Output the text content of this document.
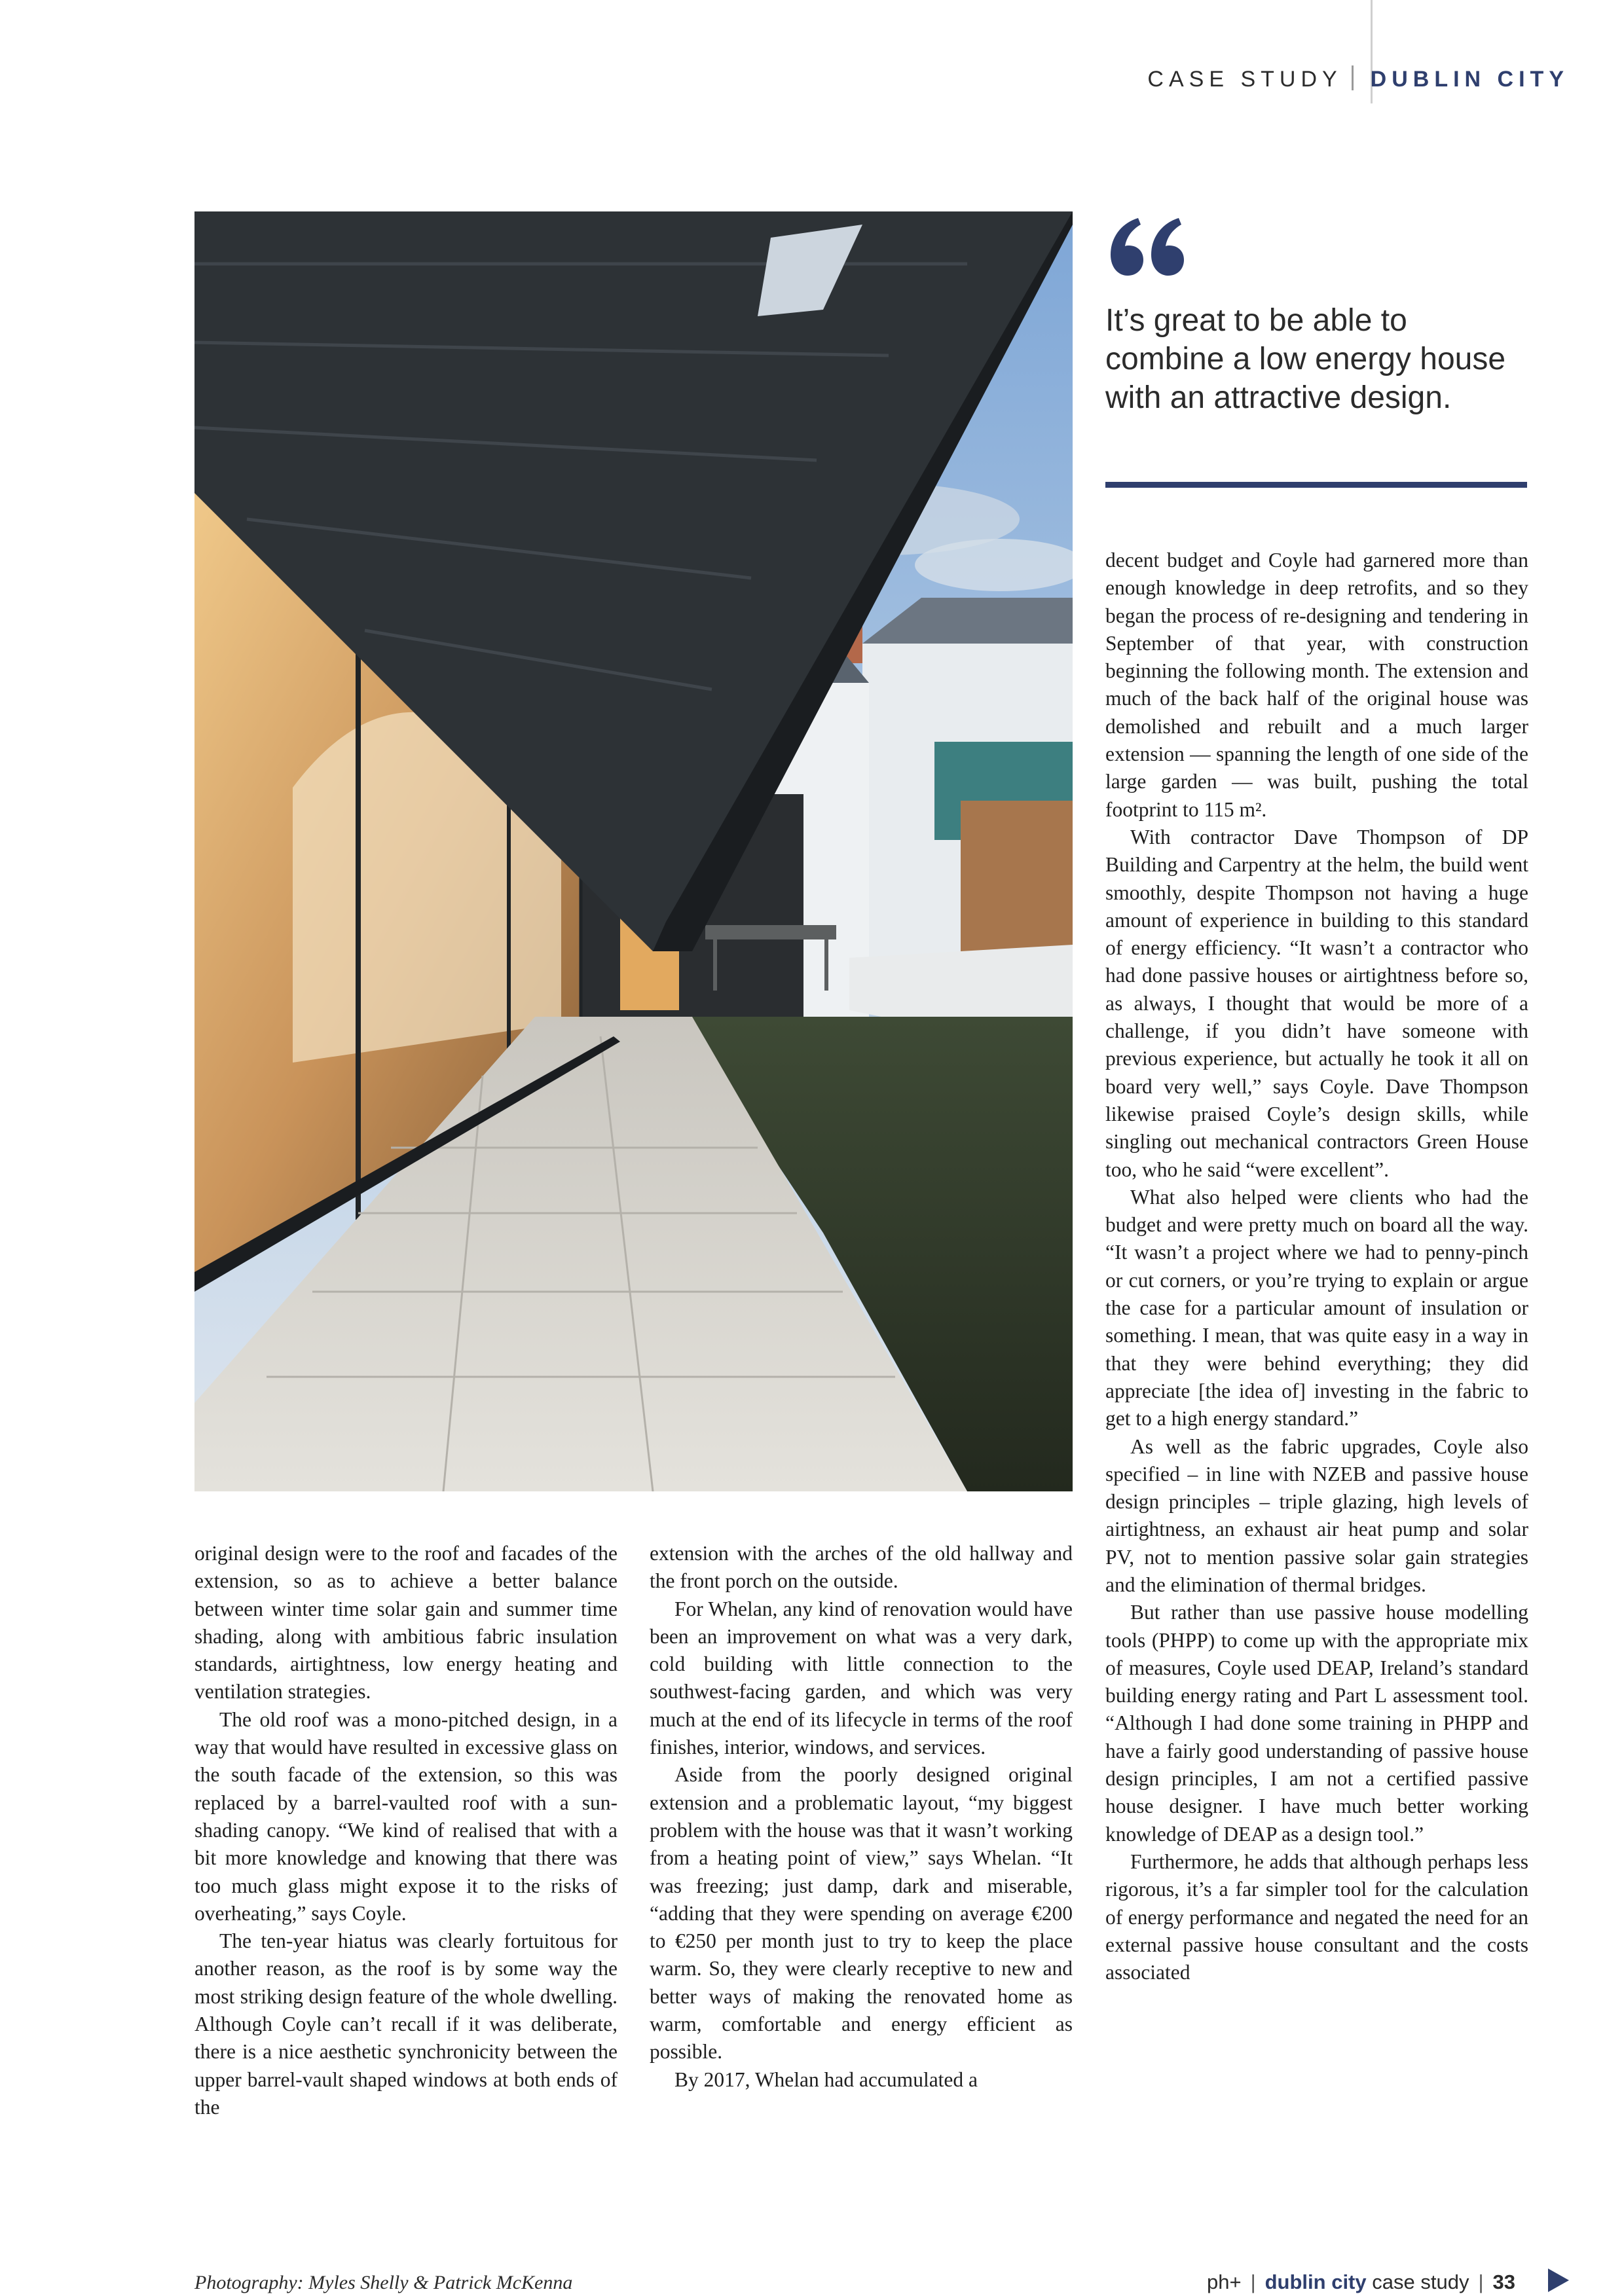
CASE STUDY DUBLIN CITY

It’s great to be able to combine a low energy house with an attractive design.

original design were to the roof and facades of the extension, so as to achieve a better balance between winter time solar gain and summer time shading, along with ambitious fabric insulation standards, airtightness, low energy heating and ventilation strategies.

The old roof was a mono-pitched design, in a way that would have resulted in excessive glass on the south facade of the extension, so this was replaced by a barrel-vaulted roof with a sun-shading canopy. “We kind of realised that with a bit more knowledge and knowing that there was too much glass might expose it to the risks of overheating,” says Coyle.

The ten-year hiatus was clearly fortuitous for another reason, as the roof is by some way the most striking design feature of the whole dwelling. Although Coyle can’t recall if it was deliberate, there is a nice aesthetic synchronicity between the upper barrel-vault shaped windows at both ends of the

extension with the arches of the old hallway and the front porch on the outside.

For Whelan, any kind of renovation would have been an improvement on what was a very dark, cold building with little connection to the southwest-facing garden, and which was very much at the end of its lifecycle in terms of the roof finishes, interior, windows, and services.

Aside from the poorly designed original extension and a problematic layout, “my biggest problem with the house was that it wasn’t working from a heating point of view,” says Whelan. “It was freezing; just damp, dark and miserable, “adding that they were spending on average €200 to €250 per month just to try to keep the place warm. So, they were clearly receptive to new and better ways of making the renovated home as warm, comfortable and energy efficient as possible.

By 2017, Whelan had accumulated a

decent budget and Coyle had garnered more than enough knowledge in deep retrofits, and so they began the process of re-designing and tendering in September of that year, with construction beginning the following month. The extension and much of the back half of the original house was demolished and rebuilt and a much larger extension — spanning the length of one side of the large garden — was built, pushing the total footprint to 115 m².

With contractor Dave Thompson of DP Building and Carpentry at the helm, the build went smoothly, despite Thompson not having a huge amount of experience in building to this standard of energy efficiency. “It wasn’t a contractor who had done passive houses or airtightness before so, as always, I thought that would be more of a challenge, if you didn’t have someone with previous experience, but actually he took it all on board very well,” says Coyle. Dave Thompson likewise praised Coyle’s design skills, while singling out mechanical contractors Green House too, who he said “were excellent”.

What also helped were clients who had the budget and were pretty much on board all the way. “It wasn’t a project where we had to penny-pinch or cut corners, or you’re trying to explain or argue the case for a particular amount of insulation or something. I mean, that was quite easy in a way in that they were behind everything; they did appreciate [the idea of] investing in the fabric to get to a high energy standard.”

As well as the fabric upgrades, Coyle also specified – in line with NZEB and passive house design principles – triple glazing, high levels of airtightness, an exhaust air heat pump and solar PV, not to mention passive solar gain strategies and the elimination of thermal bridges.

But rather than use passive house modelling tools (PHPP) to come up with the appropriate mix of measures, Coyle used DEAP, Ireland’s standard building energy rating and Part L assessment tool. “Although I had done some training in PHPP and have a fairly good understanding of passive house design principles, I am not a certified passive house designer. I have much better working knowledge of DEAP as a design tool.”

Furthermore, he adds that although perhaps less rigorous, it’s a far simpler tool for the calculation of energy performance and negated the need for an external passive house consultant and the costs associated

Photography: Myles Shelly & Patrick McKenna	ph+ | dublin city case study | 33
